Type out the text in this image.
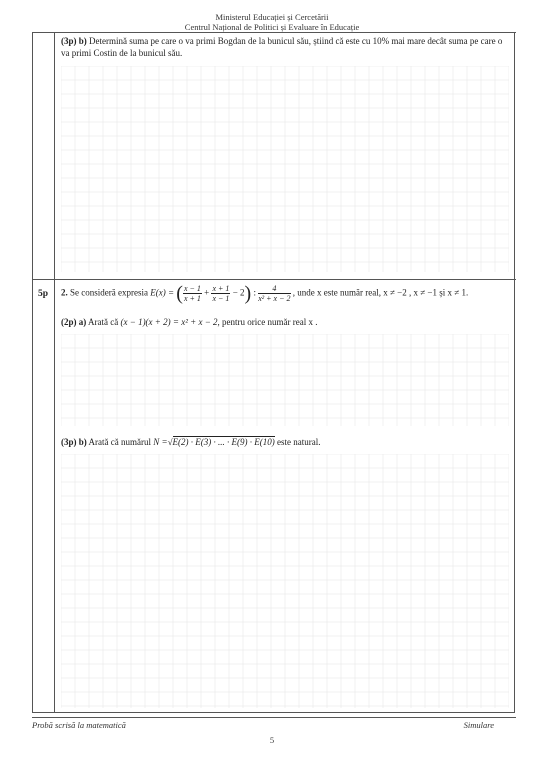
Ministerul Educației și Cercetării
Centrul Național de Politici și Evaluare în Educație
(3p) b) Determină suma pe care o va primi Bogdan de la bunicul său, știind că este cu 10% mai mare decât suma pe care o va primi Costin de la bunicul său.
5p	2. Se consideră expresia E(x) = ( $\frac{x - 1}{x + 1} + \frac{x + 1}{x - 1} - 2$) : $\frac{4}{\text{x² + x − 2}}$ , unde x este număr real, x ≠ −2 , x ≠ −1 și x ≠ 1.
(2p) a) Arată că (x − 1)(x + 2) = x² + x − 2, pentru orice număr real x .
(3p) b) Arată că numărul N =√E(2) · E(3) · ... · E(9) · E(10) este natural.
Probă scrisă la matematică	Simulare
5
